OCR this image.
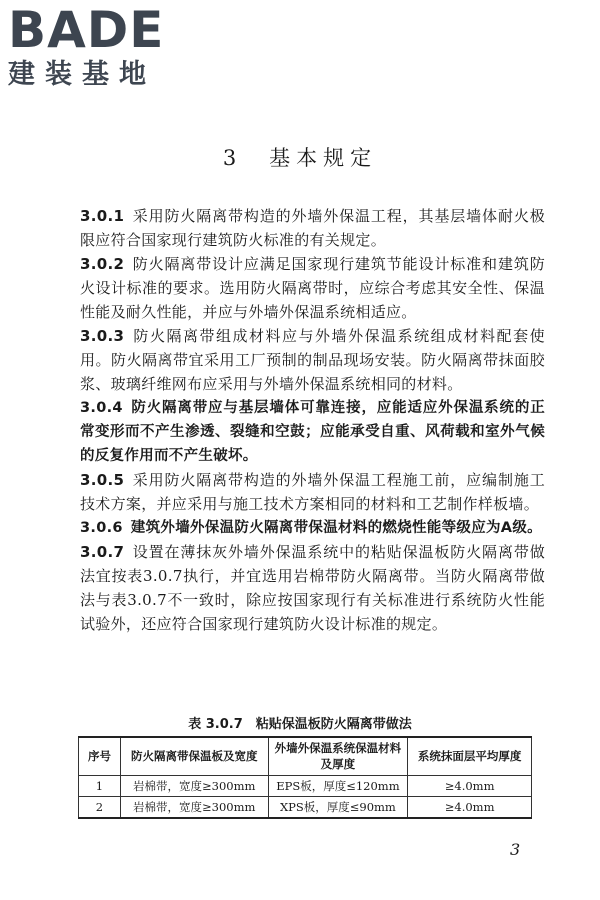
BADE
建装基地
3　基本规定

3.0.1 采用防火隔离带构造的外墙外保温工程，其基层墙体耐火极限应符合国家现行建筑防火标准的有关规定。

3.0.2 防火隔离带设计应满足国家现行建筑节能设计标准和建筑防火设计标准的要求。选用防火隔离带时，应综合考虑其安全性、保温性能及耐久性能，并应与外墙外保温系统相适应。

3.0.3 防火隔离带组成材料应与外墙外保温系统组成材料配套使用。防火隔离带宜采用工厂预制的制品现场安装。防火隔离带抹面胶浆、玻璃纤维网布应采用与外墙外保温系统相同的材料。

3.0.4 防火隔离带应与基层墙体可靠连接，应能适应外保温系统的正常变形而不产生渗透、裂缝和空鼓；应能承受自重、风荷载和室外气候的反复作用而不产生破坏。

3.0.5 采用防火隔离带构造的外墙外保温工程施工前，应编制施工技术方案，并应采用与施工技术方案相同的材料和工艺制作样板墙。

3.0.6 建筑外墙外保温防火隔离带保温材料的燃烧性能等级应为A级。

3.0.7 设置在薄抹灰外墙外保温系统中的粘贴保温板防火隔离带做法宜按表3.0.7执行，并宜选用岩棉带防火隔离带。当防火隔离带做法与表3.0.7不一致时，除应按国家现行有关标准进行系统防火性能试验外，还应符合国家现行建筑防火设计标准的规定。

表 3.0.7　粘贴保温板防火隔离带做法
序号	防火隔离带保温板及宽度	外墙外保温系统保温材料及厚度	系统抹面层平均厚度
1	岩棉带，宽度≥300mm	EPS板，厚度≤120mm	≥4.0mm
2	岩棉带，宽度≥300mm	XPS板，厚度≤90mm	≥4.0mm
3
